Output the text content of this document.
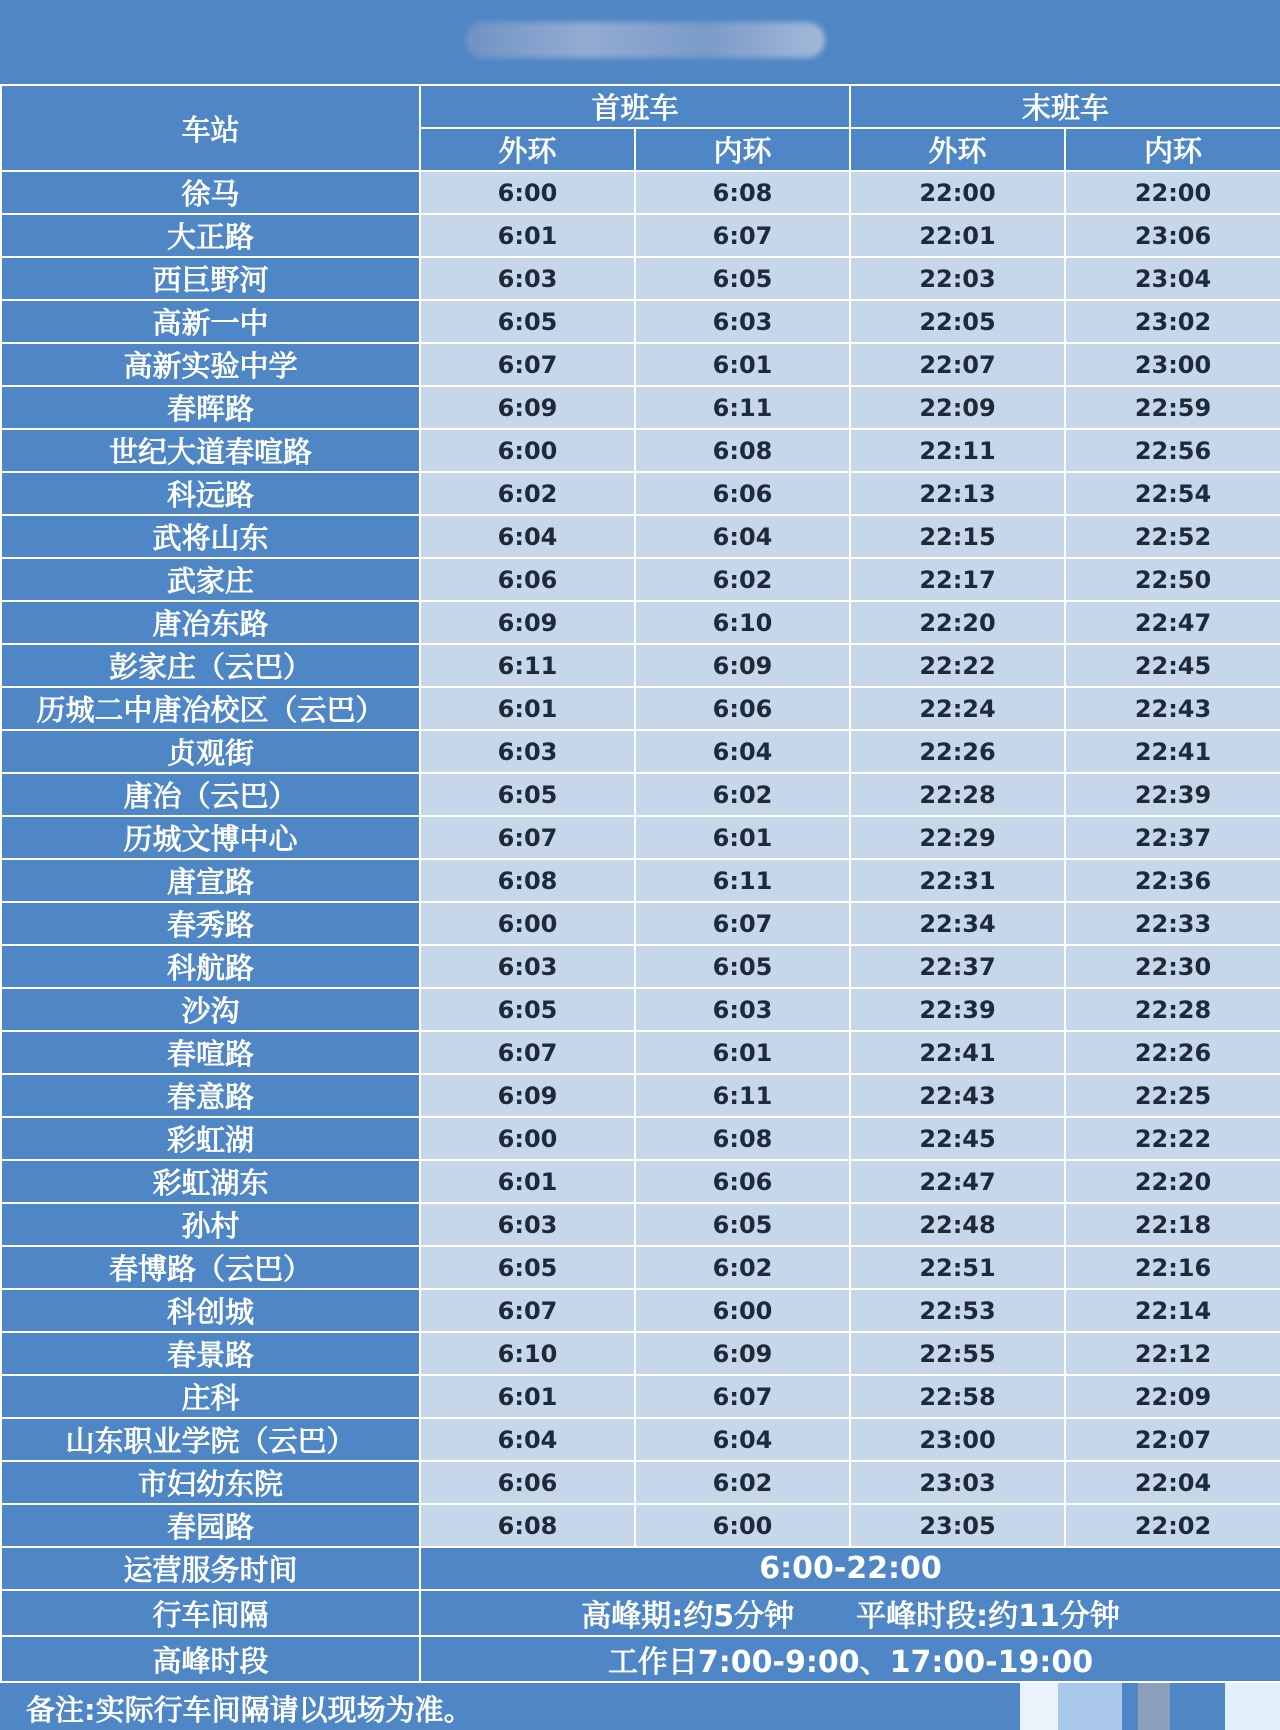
车站	首班车		末班车	
	外环	内环	外环	内环
徐马	6:00	6:08	22:00	22:00
大正路	6:01	6:07	22:01	23:06
西巨野河	6:03	6:05	22:03	23:04
高新一中	6:05	6:03	22:05	23:02
高新实验中学	6:07	6:01	22:07	23:00
春晖路	6:09	6:11	22:09	22:59
世纪大道春喧路	6:00	6:08	22:11	22:56
科远路	6:02	6:06	22:13	22:54
武将山东	6:04	6:04	22:15	22:52
武家庄	6:06	6:02	22:17	22:50
唐冶东路	6:09	6:10	22:20	22:47
彭家庄（云巴）	6:11	6:09	22:22	22:45
历城二中唐冶校区（云巴）	6:01	6:06	22:24	22:43
贞观街	6:03	6:04	22:26	22:41
唐冶（云巴）	6:05	6:02	22:28	22:39
历城文博中心	6:07	6:01	22:29	22:37
唐宣路	6:08	6:11	22:31	22:36
春秀路	6:00	6:07	22:34	22:33
科航路	6:03	6:05	22:37	22:30
沙沟	6:05	6:03	22:39	22:28
春喧路	6:07	6:01	22:41	22:26
春意路	6:09	6:11	22:43	22:25
彩虹湖	6:00	6:08	22:45	22:22
彩虹湖东	6:01	6:06	22:47	22:20
孙村	6:03	6:05	22:48	22:18
春博路（云巴）	6:05	6:02	22:51	22:16
科创城	6:07	6:00	22:53	22:14
春景路	6:10	6:09	22:55	22:12
庄科	6:01	6:07	22:58	22:09
山东职业学院（云巴）	6:04	6:04	23:00	22:07
市妇幼东院	6:06	6:02	23:03	22:04
春园路	6:08	6:00	23:05	22:02
运营服务时间	6:00-22:00			
行车间隔	高峰期:约5分钟 平峰时段:约11分钟			
高峰时段	工作日7:00-9:00、17:00-19:00			
备注:实际行车间隔请以现场为准。
